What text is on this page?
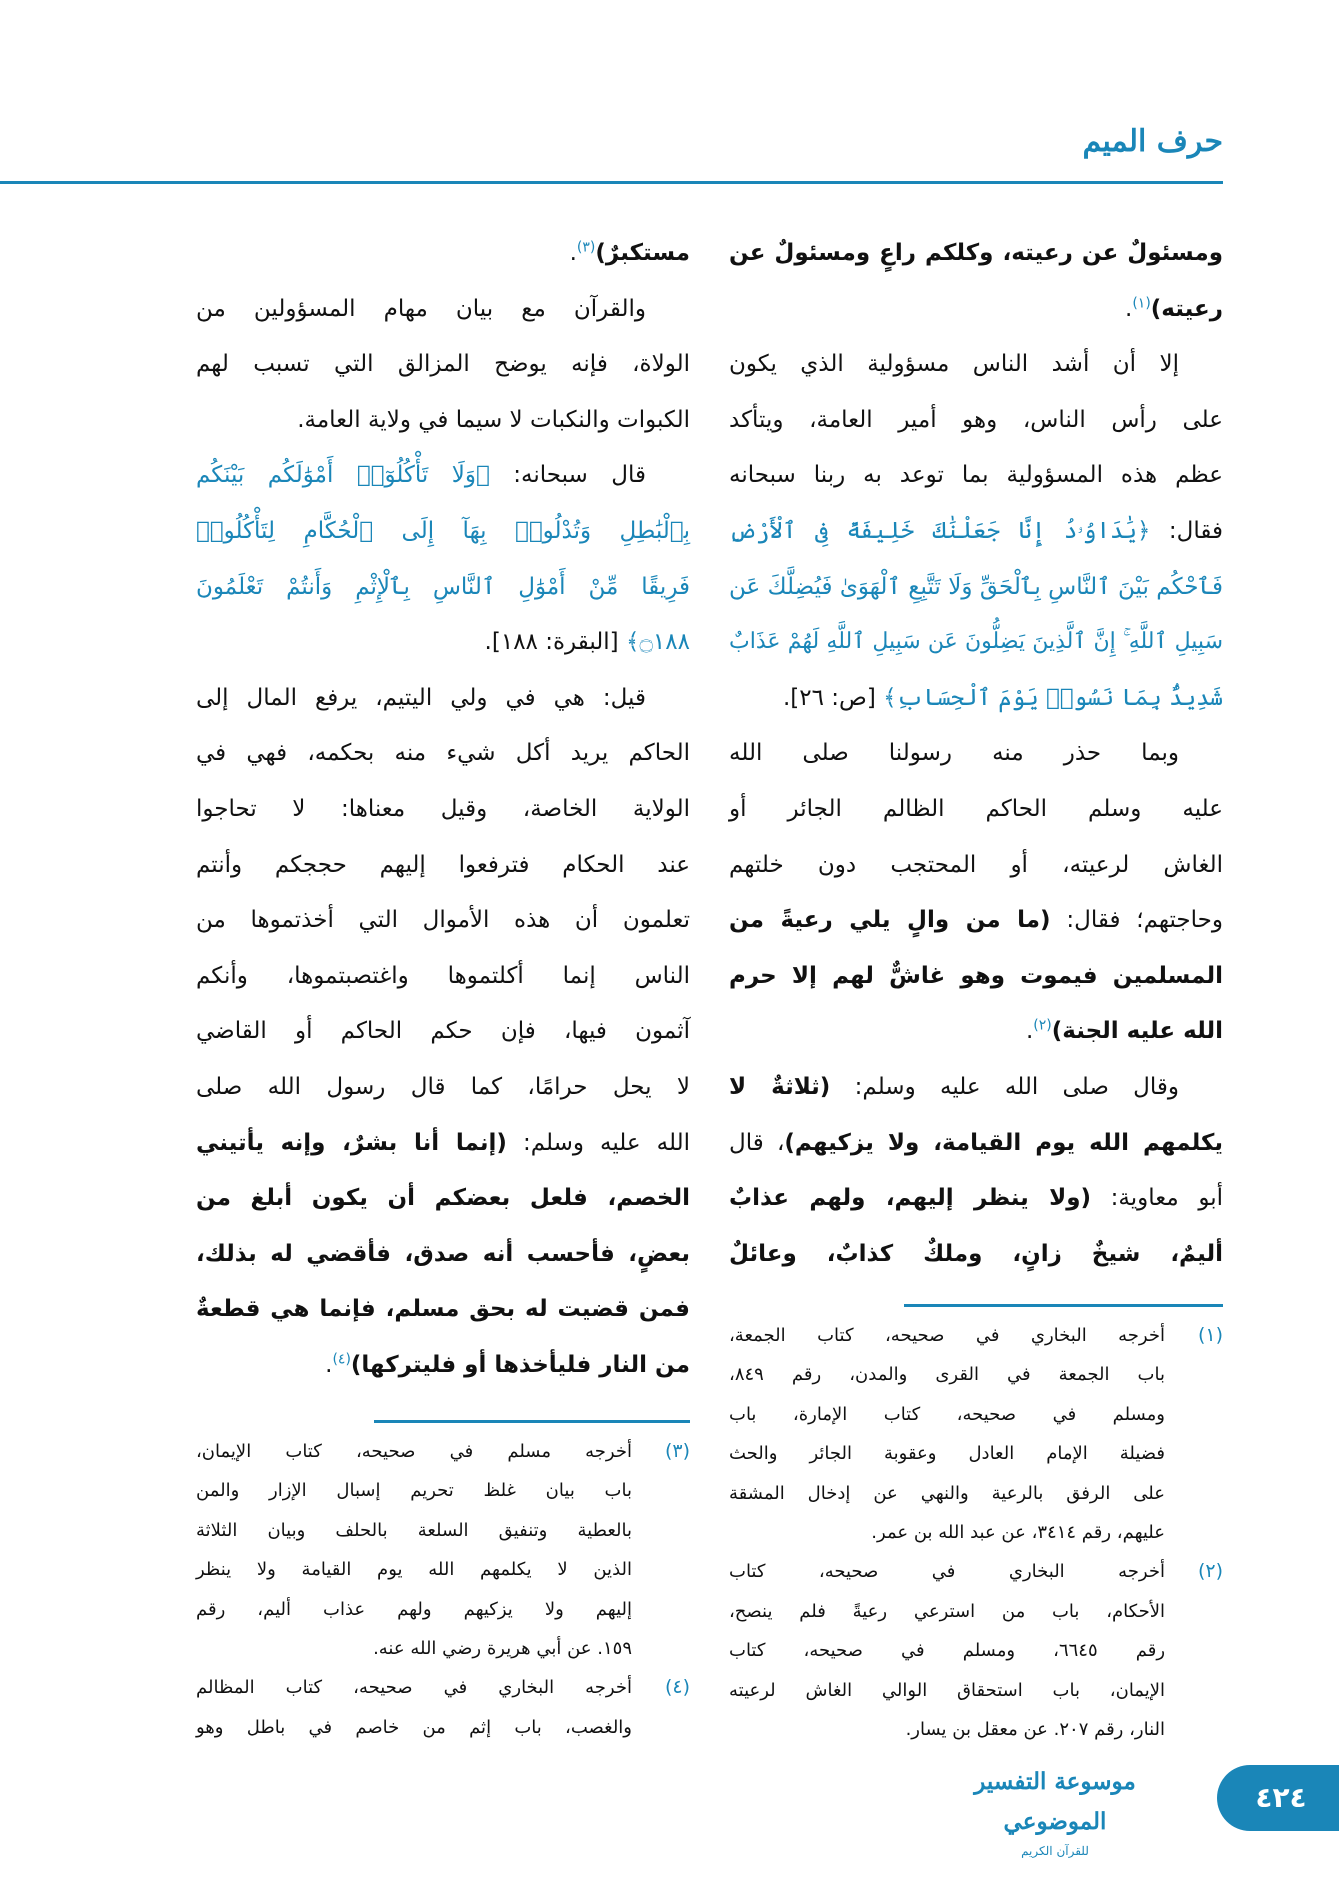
حرف الميم
ومسئولٌ عن رعيته، وكلكم راعٍ ومسئولٌ عن
رعيته)$^{(١)}$.
إلا أن أشد الناس مسؤولية الذي يكون
على رأس الناس، وهو أمير العامة، ويتأكد
عظم هذه المسؤولية بما توعد به ربنا سبحانه
فقال: ﴿يَٰدَاوُۥدُ إِنَّا جَعَلْنَٰكَ خَلِيفَةً فِى ٱلْأَرْضِ
فَٱحْكُم بَيْنَ ٱلنَّاسِ بِٱلْحَقِّ وَلَا تَتَّبِعِ ٱلْهَوَىٰ فَيُضِلَّكَ عَن
سَبِيلِ ٱللَّهِ ۚ إِنَّ ٱلَّذِينَ يَضِلُّونَ عَن سَبِيلِ ٱللَّهِ لَهُمْ عَذَابٌ
شَدِيدٌۢ بِمَا نَسُوا۟ يَوْمَ ٱلْحِسَابِ﴾ [ص: ٢٦].
وبما حذر منه رسولنا صلى الله
عليه وسلم الحاكم الظالم الجائر أو
الغاش لرعيته، أو المحتجب دون خلتهم
وحاجتهم؛ فقال: (ما من والٍ يلي رعيةً من
المسلمين فيموت وهو غاشٌّ لهم إلا حرم
الله عليه الجنة)$^{(٢)}$.
وقال صلى الله عليه وسلم: (ثلاثةٌ لا
يكلمهم الله يوم القيامة، ولا يزكيهم)، قال
أبو معاوية: (ولا ينظر إليهم، ولهم عذابٌ
أليمٌ، شيخٌ زانٍ، وملكٌ كذابٌ، وعائلٌ
(١)
أخرجه البخاري في صحيحه، كتاب الجمعة،
باب الجمعة في القرى والمدن، رقم ٨٤٩،
ومسلم في صحيحه، كتاب الإمارة، باب
فضيلة الإمام العادل وعقوبة الجائر والحث
على الرفق بالرعية والنهي عن إدخال المشقة
عليهم، رقم ٣٤١٤، عن عبد الله بن عمر.
(٢)
أخرجه البخاري في صحيحه، كتاب
الأحكام، باب من استرعي رعيةً فلم ينصح،
رقم ٦٦٤٥، ومسلم في صحيحه، كتاب
الإيمان، باب استحقاق الوالي الغاش لرعيته
النار، رقم ٢٠٧. عن معقل بن يسار.
مستكبرٌ)$^{(٣)}$.
والقرآن مع بيان مهام المسؤولين من
الولاة، فإنه يوضح المزالق التي تسبب لهم
الكبوات والنكبات لا سيما في ولاية العامة.
قال سبحانه: ﴿وَلَا تَأْكُلُوٓا۟ أَمْوَٰلَكُم بَيْنَكُم
بِٱلْبَٰطِلِ وَتُدْلُوا۟ بِهَآ إِلَى ٱلْحُكَّامِ لِتَأْكُلُوا۟
فَرِيقًا مِّنْ أَمْوَٰلِ ٱلنَّاسِ بِٱلْإِثْمِ وَأَنتُمْ تَعْلَمُونَ
۝١٨٨﴾ [البقرة: ١٨٨].
قيل: هي في ولي اليتيم، يرفع المال إلى
الحاكم يريد أكل شيء منه بحكمه، فهي في
الولاية الخاصة، وقيل معناها: لا تحاجوا
عند الحكام فترفعوا إليهم حججكم وأنتم
تعلمون أن هذه الأموال التي أخذتموها من
الناس إنما أكلتموها واغتصبتموها، وأنكم
آثمون فيها، فإن حكم الحاكم أو القاضي
لا يحل حرامًا، كما قال رسول الله صلى
الله عليه وسلم: (إنما أنا بشرٌ، وإنه يأتيني
الخصم، فلعل بعضكم أن يكون أبلغ من
بعضٍ، فأحسب أنه صدق، فأقضي له بذلك،
فمن قضيت له بحق مسلم، فإنما هي قطعةٌ
من النار فليأخذها أو فليتركها)$^{(٤)}$.
(٣)
أخرجه مسلم في صحيحه، كتاب الإيمان،
باب بيان غلظ تحريم إسبال الإزار والمن
بالعطية وتنفيق السلعة بالحلف وبيان الثلاثة
الذين لا يكلمهم الله يوم القيامة ولا ينظر
إليهم ولا يزكيهم ولهم عذاب أليم، رقم
١٥٩. عن أبي هريرة رضي الله عنه.
(٤)
أخرجه البخاري في صحيحه، كتاب المظالم
والغصب، باب إثم من خاصم في باطل وهو
٤٢٤
موسوعة التفسير الموضوعي
للقرآن الكريم
